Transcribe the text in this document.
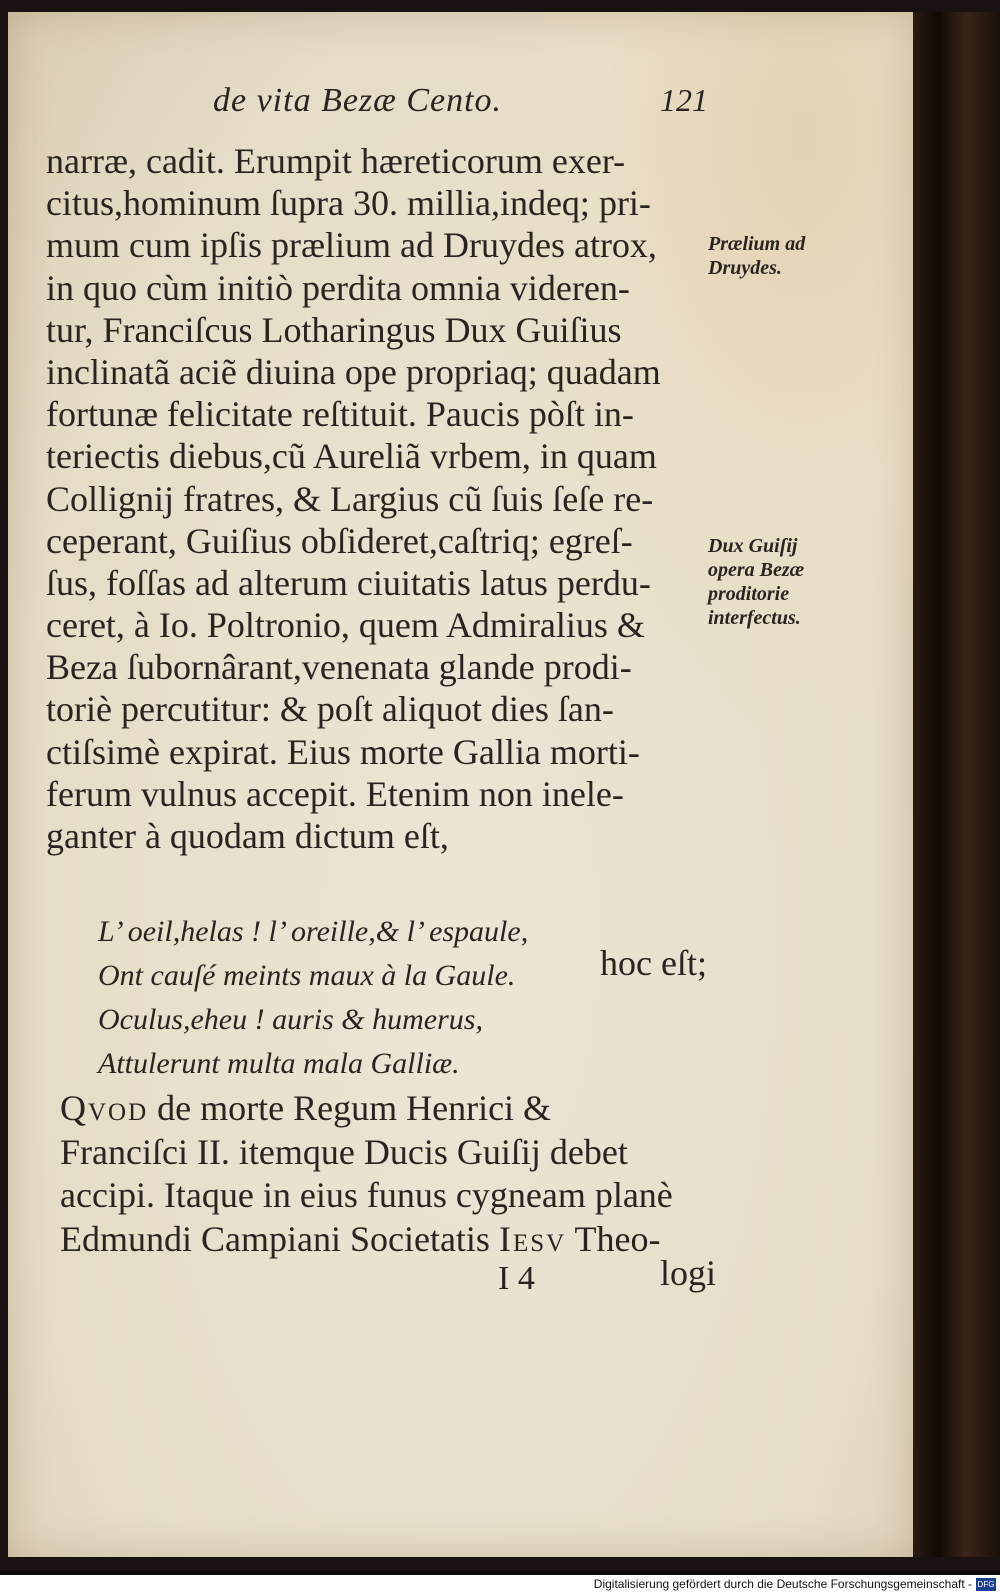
de vita Bezæ Cento.	121
narræ, cadit. Erumpit hæreticorum exer-
citus,hominum ſupra 30. millia,indeq; pri-
mum cum ipſis prælium ad Druydes atrox,
in quo cùm initiò perdita omnia videren-
tur, Franciſcus Lotharingus Dux Guiſius
inclinatã aciẽ diuina ope propriaq; quadam
fortunæ felicitate reſtituit. Paucis pòſt in-
teriectis diebus,cũ Aureliã vrbem, in quam
Collignij fratres, & Largius cũ ſuis ſeſe re-
ceperant, Guiſius obſideret,caſtriq; egreſ-
ſus, foſſas ad alterum ciuitatis latus perdu-
ceret, à Io. Poltronio, quem Admiralius &
Beza ſubornârant,venenata glande prodi-
toriè percutitur: & poſt aliquot dies ſan-
ctiſsimè expirat. Eius morte Gallia morti-
ferum vulnus accepit. Etenim non inele-
ganter à quodam dictum eſt,
Prælium ad
Druydes.
Dux Guiſij
opera Bezæ
proditorie
interfectus.
L’ oeil,helas ! l’ oreille,& l’ espaule,
Ont cauſé meints maux à la Gaule.
Oculus,eheu ! auris & humerus,
Attulerunt multa mala Galliæ.
hoc eſt;
Qvod de morte Regum Henrici &
Franciſci II. itemque Ducis Guiſij debet
accipi. Itaque in eius funus cygneam planè
Edmundi Campiani Societatis Iesv Theo-
I 4	logi
Digitalisierung gefördert durch die Deutsche Forschungsgemeinschaft - DFG
